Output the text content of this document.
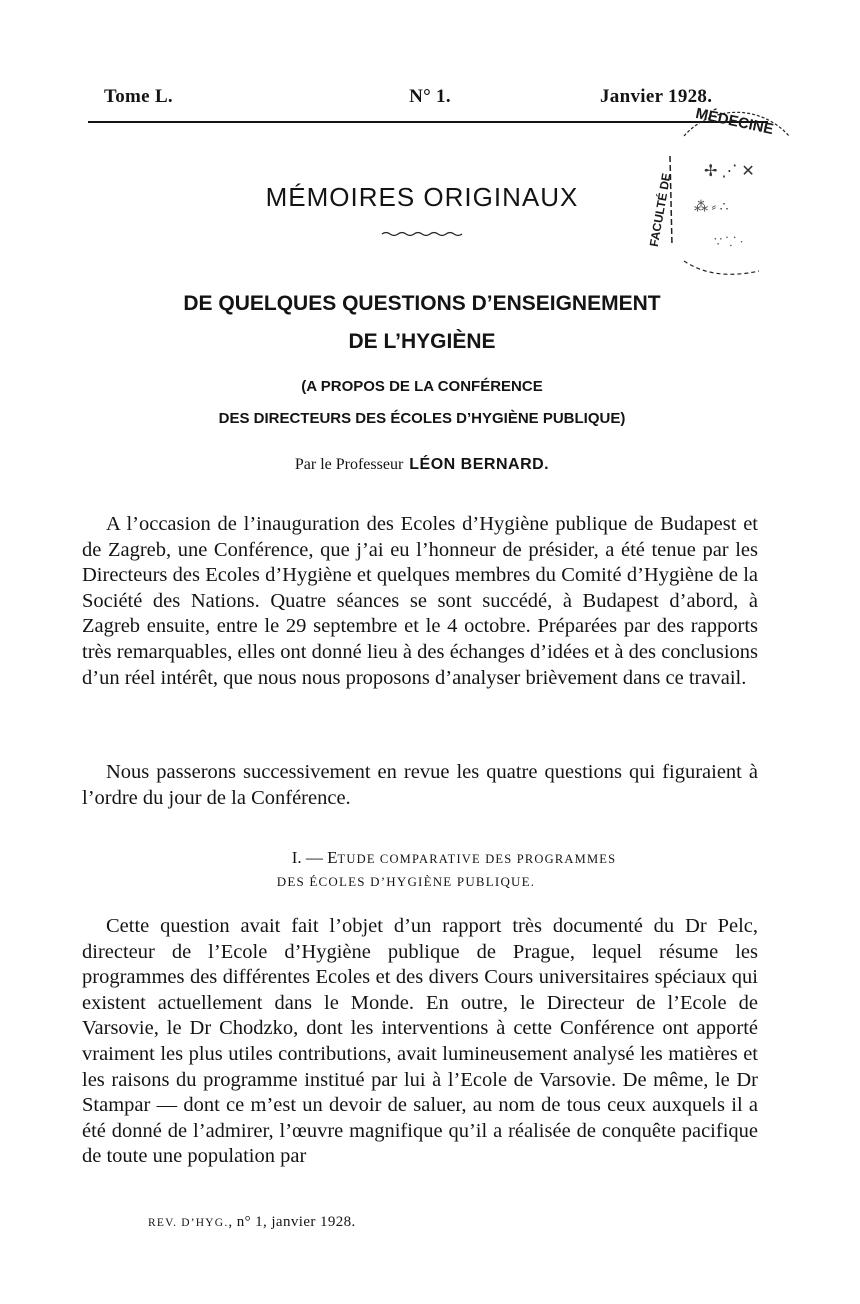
Tome L.	N° 1.	Janvier 1928.
MÉDECINE
FACULTÉ DE
✢ ⋰ ✕
⁂ ⸗ ∴
∵ ⸪ ·
MÉMOIRES ORIGINAUX
DE QUELQUES QUESTIONS D’ENSEIGNEMENT
DE L’HYGIÈNE
(A PROPOS DE LA CONFÉRENCE
DES DIRECTEURS DES ÉCOLES D’HYGIÈNE PUBLIQUE)
Par le Professeur LÉON BERNARD.
A l’occasion de l’inauguration des Ecoles d’Hygiène publique de Budapest et de Zagreb, une Conférence, que j’ai eu l’honneur de présider, a été tenue par les Directeurs des Ecoles d’Hygiène et quelques membres du Comité d’Hygiène de la Société des Nations. Quatre séances se sont succédé, à Budapest d’abord, à Zagreb ensuite, entre le 29 septembre et le 4 octobre. Préparées par des rapports très remarquables, elles ont donné lieu à des échanges d’idées et à des conclusions d’un réel intérêt, que nous nous proposons d’analyser brièvement dans ce travail.
Nous passerons successivement en revue les quatre questions qui figuraient à l’ordre du jour de la Conférence.
I. — ETUDE COMPARATIVE DES PROGRAMMES
DES ÉCOLES D’HYGIÈNE PUBLIQUE.
Cette question avait fait l’objet d’un rapport très documenté du Dr Pelc, directeur de l’Ecole d’Hygiène publique de Prague, lequel résume les programmes des différentes Ecoles et des divers Cours universitaires spéciaux qui existent actuellement dans le Monde. En outre, le Directeur de l’Ecole de Varsovie, le Dr Chodzko, dont les interventions à cette Conférence ont apporté vraiment les plus utiles contributions, avait lumineusement analysé les matières et les raisons du programme institué par lui à l’Ecole de Varsovie. De même, le Dr Stampar — dont ce m’est un devoir de saluer, au nom de tous ceux auxquels il a été donné de l’admirer, l’œuvre magnifique qu’il a réalisée de conquête pacifique de toute une population par
REV. D’HYG., n° 1, janvier 1928.
